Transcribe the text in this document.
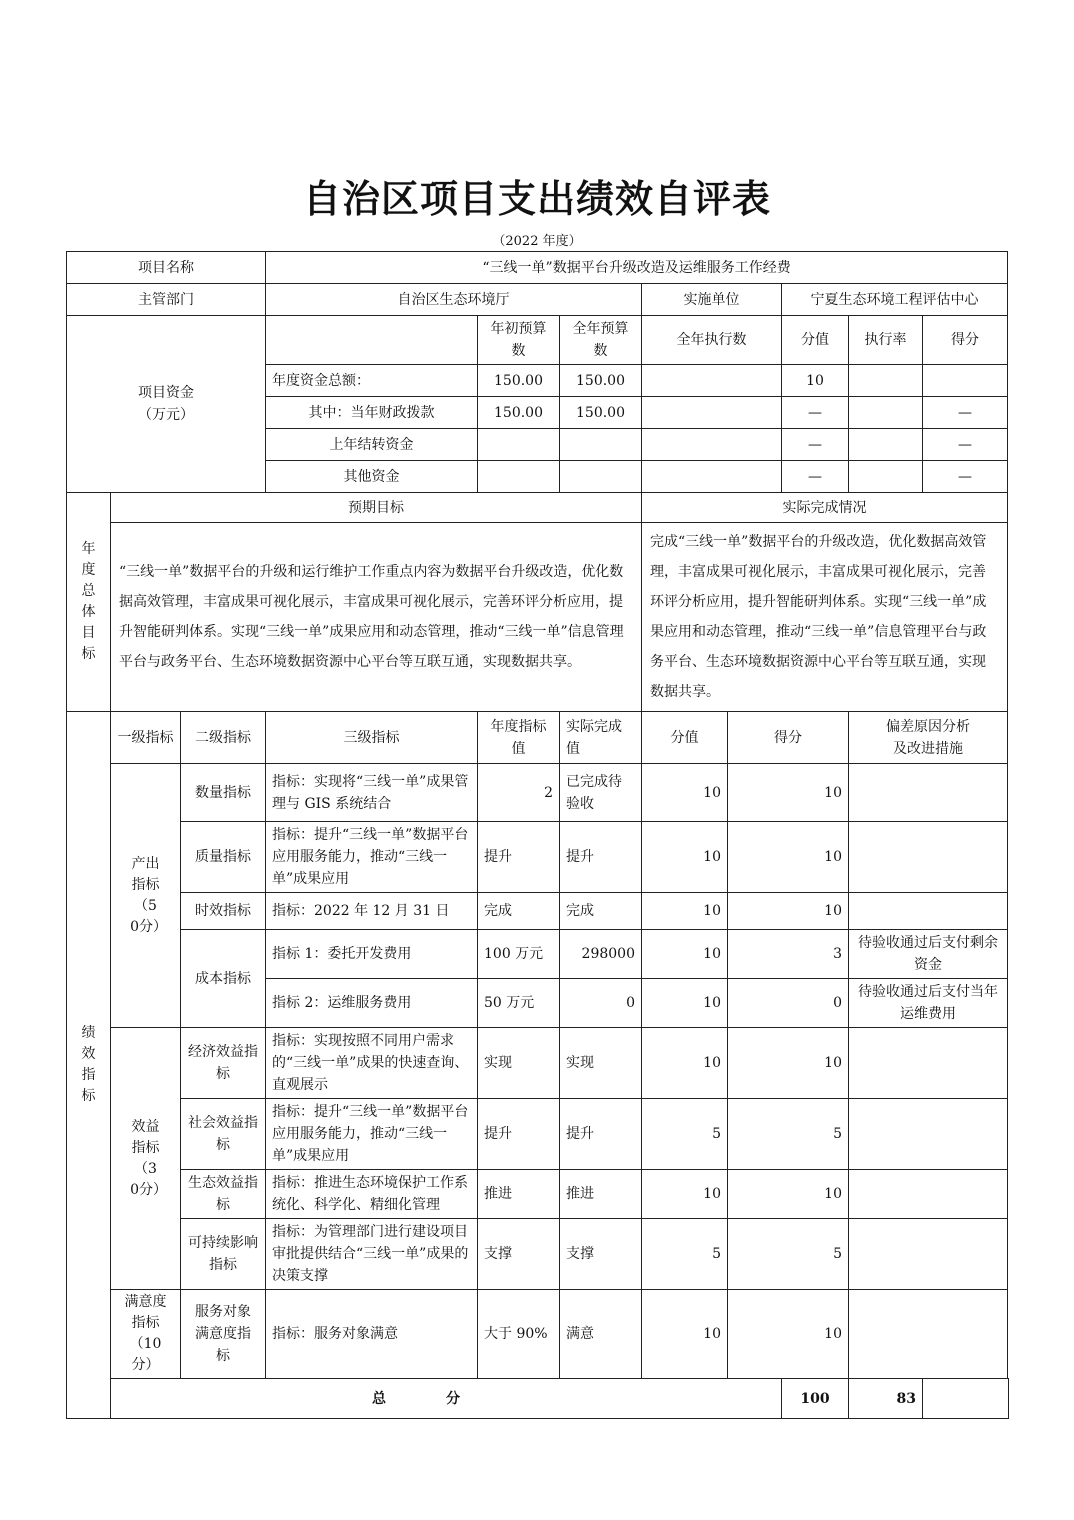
自治区项目支出绩效自评表
（2022 年度）
项目名称			“三线一单”数据平台升级改造及运维服务工作经费							
主管部门			自治区生态环境厅			实施单位		宁夏生态环境工程评估中心		
项目资金
（万元）				年初预算数	全年预算数	全年执行数		分值	执行率	得分
			年度资金总额：	150.00	150.00			10		
			其中：当年财政拨款	150.00	150.00			—		—
			上年结转资金					—		—
			其他资金					—		—
年度总体目标	预期目标					实际完成情况				
	“三线一单”数据平台的升级和运行维护工作重点内容为数据平台升级改造，优化数据高效管理，丰富成果可视化展示，丰富成果可视化展示，完善环评分析应用，提升智能研判体系。实现“三线一单”成果应用和动态管理，推动“三线一单”信息管理平台与政务平台、生态环境数据资源中心平台等互联互通，实现数据共享。					完成“三线一单”数据平台的升级改造，优化数据高效管理，丰富成果可视化展示，丰富成果可视化展示，完善环评分析应用，提升智能研判体系。实现“三线一单”成果应用和动态管理，推动“三线一单”信息管理平台与政务平台、生态环境数据资源中心平台等互联互通，实现数据共享。				
绩效指标	一级指标	二级指标	三级指标	年度指标值	实际完成值	分值	得分		偏差原因分析
及改进措施	
	产出指标（50分）	数量指标	指标：实现将“三线一单”成果管理与 GIS 系统结合	2	已完成待验收	10	10			
		质量指标	指标：提升“三线一单”数据平台应用服务能力，推动“三线一单”成果应用	提升	提升	10	10			
		时效指标	指标：2022 年 12 月 31 日	完成	完成	10	10			
		成本指标	指标 1：委托开发费用	100 万元	298000	10	3		待验收通过后支付剩余资金	
			指标 2：运维服务费用	50 万元	0	10	0		待验收通过后支付当年运维费用	
	效益指标（30分）	经济效益指标	指标：实现按照不同用户需求的“三线一单”成果的快速查询、直观展示	实现	实现	10	10			
		社会效益指标	指标：提升“三线一单”数据平台应用服务能力，推动“三线一单”成果应用	提升	提升	5	5			
		生态效益指标	指标：推进生态环境保护工作系统化、科学化、精细化管理	推进	推进	10	10			
		可持续影响指标	指标：为管理部门进行建设项目审批提供结合“三线一单”成果的决策支撑	支撑	支撑	5	5			
	满意度指标（10分）	服务对象满意度指标	指标：服务对象满意	大于 90%	满意	10	10			
	总分							100	83	
